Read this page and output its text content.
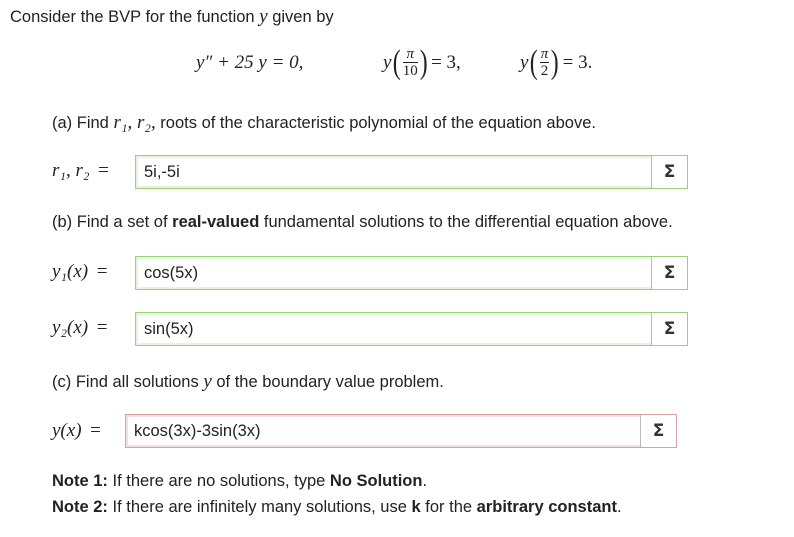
Consider the BVP for the function y given by
y″ + 25 y = 0,	y ( $\frac{\pi}{10}$ ) = 3,	y ( $\frac{\pi}{2}$ ) = 3.
(a) Find r₁, r₂, roots of the characteristic polynomial of the equation above.
r₁, r₂ =
5i,-5i	Σ
(b) Find a set of real-valued fundamental solutions to the differential equation above.
y₁(x) =
cos(5x)	Σ
y₂(x) =
sin(5x)	Σ
(c) Find all solutions y of the boundary value problem.
y(x) =
kcos(3x)-3sin(3x)	Σ
Note 1: If there are no solutions, type No Solution.
Note 2: If there are infinitely many solutions, use k for the arbitrary constant.
